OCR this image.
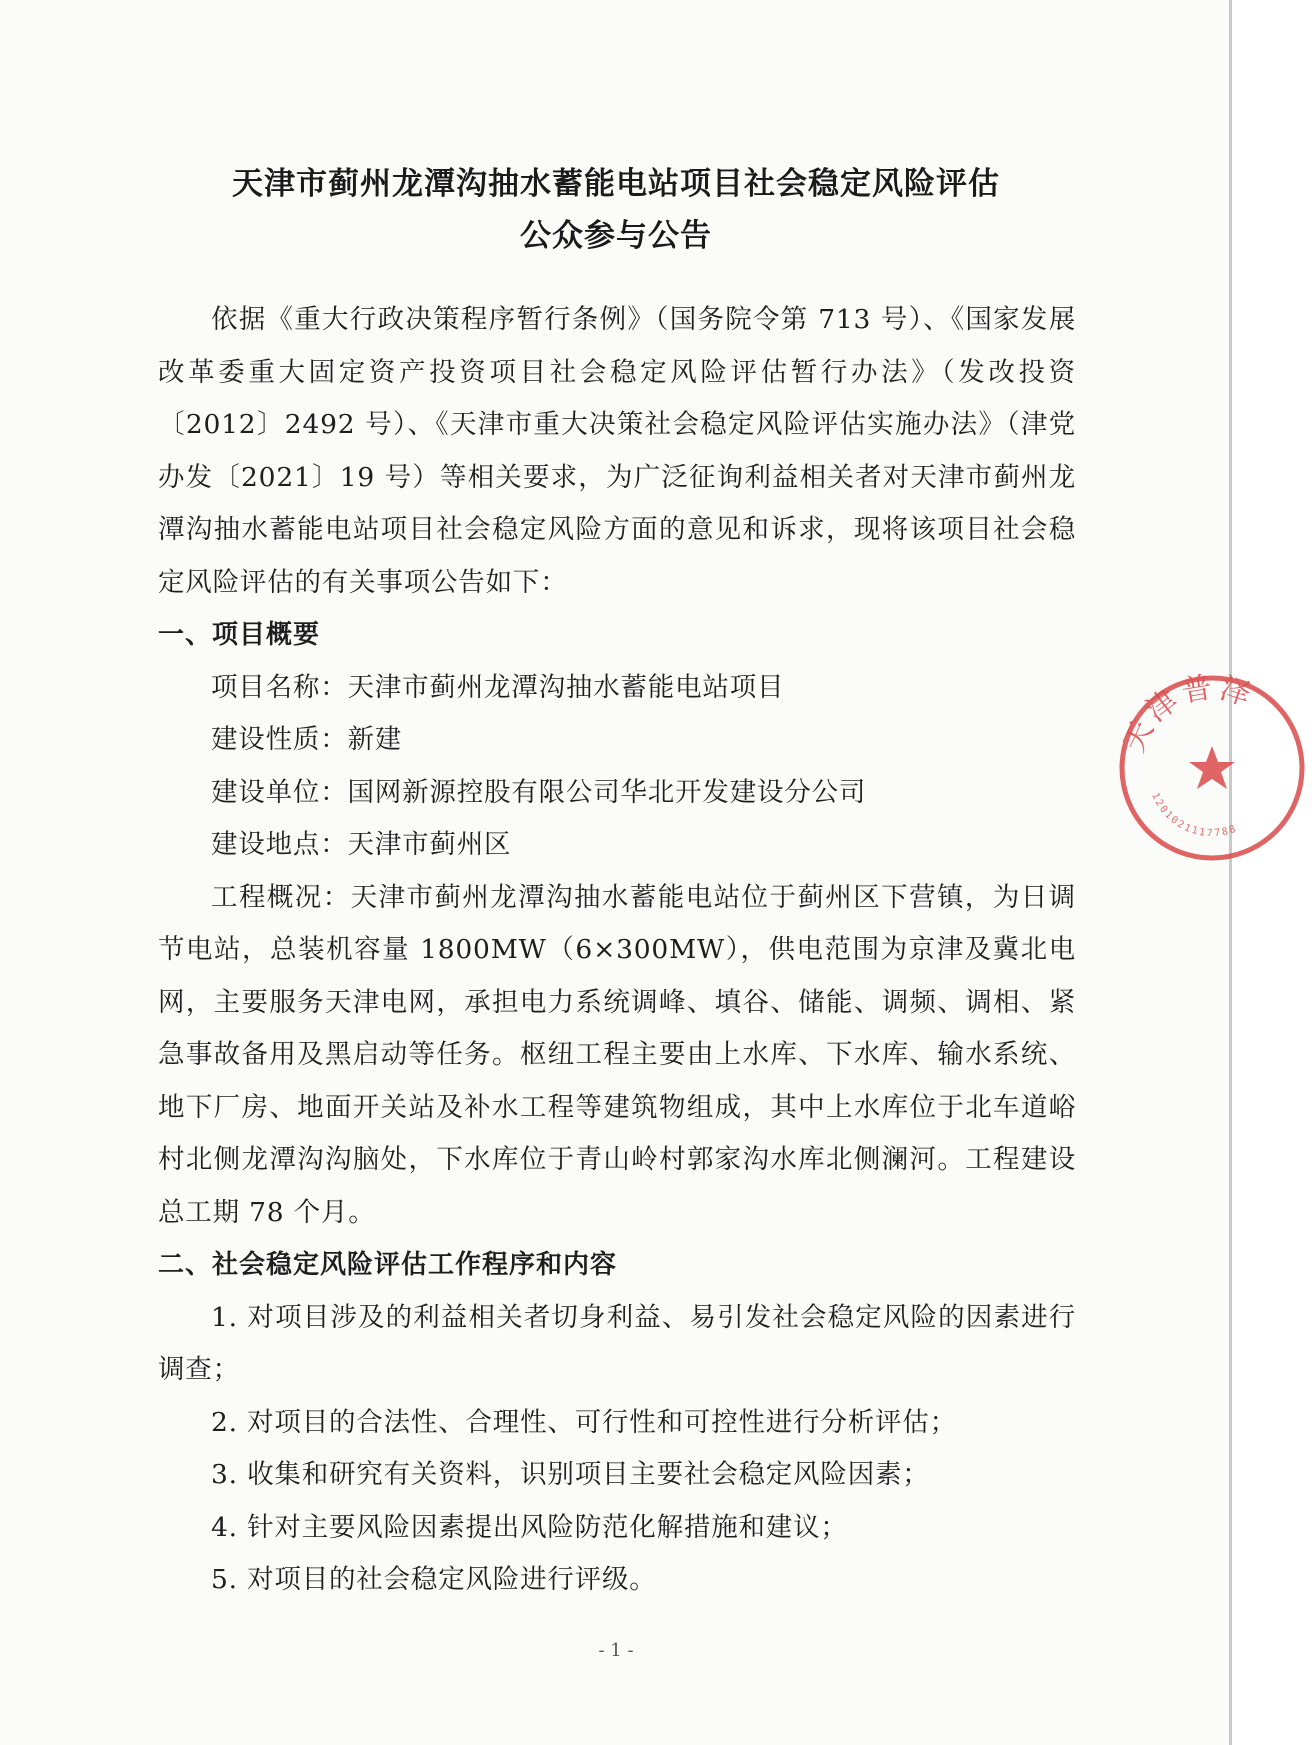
天津市蓟州龙潭沟抽水蓄能电站项目社会稳定风险评估
公众参与公告

依据《重大行政决策程序暂行条例》（国务院令第 713 号）、《国家发展改革委重大固定资产投资项目社会稳定风险评估暂行办法》（发改投资〔2012〕2492 号）、《天津市重大决策社会稳定风险评估实施办法》（津党办发〔2021〕19 号）等相关要求，为广泛征询利益相关者对天津市蓟州龙潭沟抽水蓄能电站项目社会稳定风险方面的意见和诉求，现将该项目社会稳定风险评估的有关事项公告如下：

一、项目概要

项目名称：天津市蓟州龙潭沟抽水蓄能电站项目

建设性质：新建

建设单位：国网新源控股有限公司华北开发建设分公司

建设地点：天津市蓟州区

工程概况：天津市蓟州龙潭沟抽水蓄能电站位于蓟州区下营镇，为日调节电站，总装机容量 1800MW（6×300MW），供电范围为京津及冀北电网，主要服务天津电网，承担电力系统调峰、填谷、储能、调频、调相、紧急事故备用及黑启动等任务。枢纽工程主要由上水库、下水库、输水系统、地下厂房、地面开关站及补水工程等建筑物组成，其中上水库位于北车道峪村北侧龙潭沟沟脑处，下水库位于青山岭村郭家沟水库北侧澜河。工程建设总工期 78 个月。

二、社会稳定风险评估工作程序和内容

1. 对项目涉及的利益相关者切身利益、易引发社会稳定风险的因素进行调查；

2. 对项目的合法性、合理性、可行性和可控性进行分析评估；

3. 收集和研究有关资料，识别项目主要社会稳定风险因素；

4. 针对主要风险因素提出风险防范化解措施和建议；

5. 对项目的社会稳定风险进行评级。

天津普泽
1201021117788
- 1 -
